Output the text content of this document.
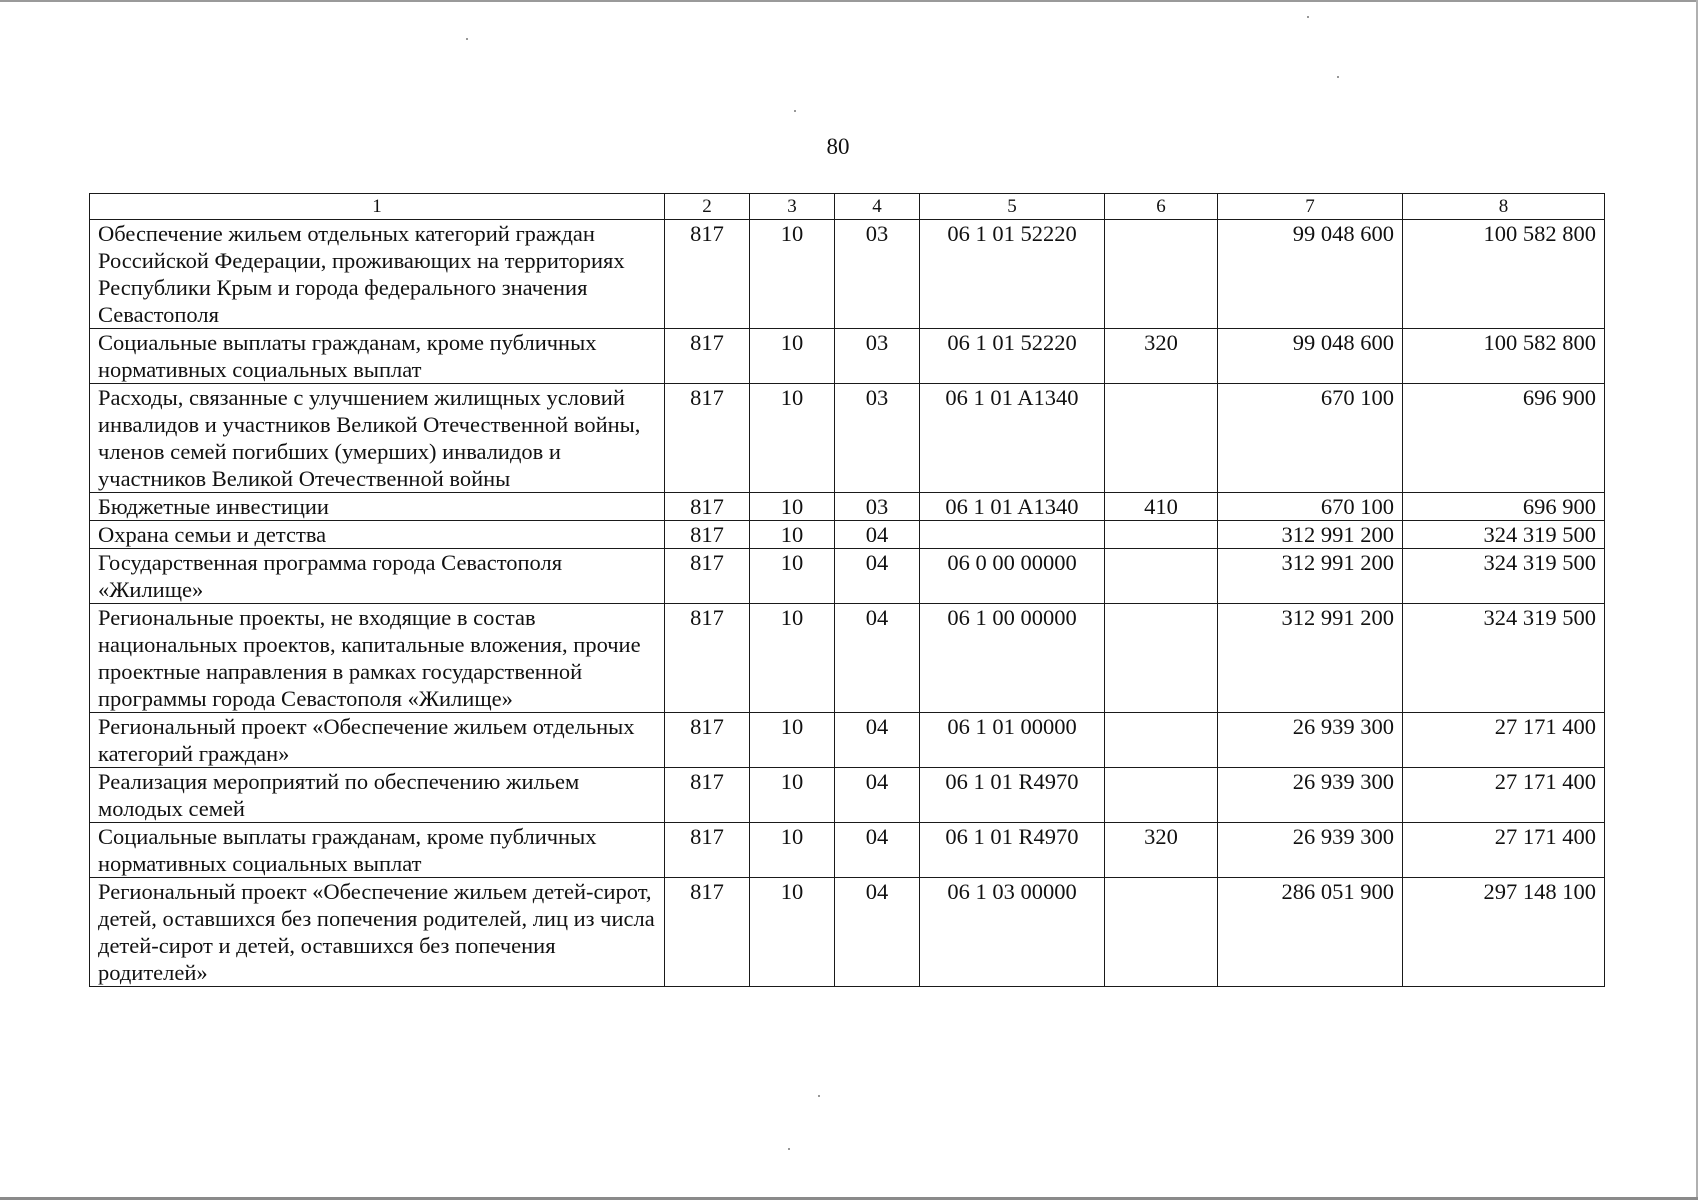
80
1	2	3	4	5	6	7	8
Обеспечение жильем отдельных категорий граждан Российской Федерации, проживающих на территориях Республики Крым и города федерального значения Севастополя	817	10	03	06 1 01 52220		99 048 600	100 582 800
Социальные выплаты гражданам, кроме публичных нормативных социальных выплат	817	10	03	06 1 01 52220	320	99 048 600	100 582 800
Расходы, связанные с улучшением жилищных условий инвалидов и участников Великой Отечественной войны, членов семей погибших (умерших) инвалидов и участников Великой Отечественной войны	817	10	03	06 1 01 A1340		670 100	696 900
Бюджетные инвестиции	817	10	03	06 1 01 A1340	410	670 100	696 900
Охрана семьи и детства	817	10	04			312 991 200	324 319 500
Государственная программа города Севастополя «Жилище»	817	10	04	06 0 00 00000		312 991 200	324 319 500
Региональные проекты, не входящие в состав национальных проектов, капитальные вложения, прочие проектные направления в рамках государственной программы города Севастополя «Жилище»	817	10	04	06 1 00 00000		312 991 200	324 319 500
Региональный проект «Обеспечение жильем отдельных категорий граждан»	817	10	04	06 1 01 00000		26 939 300	27 171 400
Реализация мероприятий по обеспечению жильем молодых семей	817	10	04	06 1 01 R4970		26 939 300	27 171 400
Социальные выплаты гражданам, кроме публичных нормативных социальных выплат	817	10	04	06 1 01 R4970	320	26 939 300	27 171 400
Региональный проект «Обеспечение жильем детей-сирот, детей, оставшихся без попечения родителей, лиц из числа детей-сирот и детей, оставшихся без попечения родителей»	817	10	04	06 1 03 00000		286 051 900	297 148 100
